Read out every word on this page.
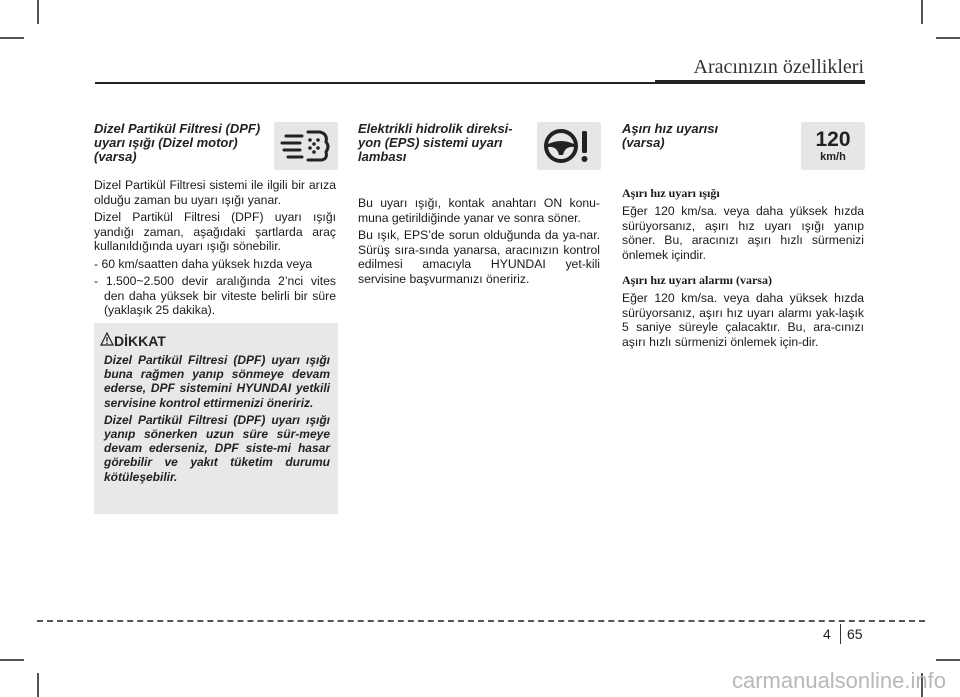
Aracınızın özellikleri
Dizel Partikül Filtresi (DPF) uyarı ışığı (Dizel motor) (varsa)

Dizel Partikül Filtresi sistemi ile ilgili bir arıza olduğu zaman bu uyarı ışığı yanar.

Dizel Partikül Filtresi (DPF) uyarı ışığı yandığı zaman, aşağıdaki şartlarda araç kullanıldığında uyarı ışığı sönebilir.

- 60 km/saatten daha yüksek hızda veya

- 1.500~2.500 devir aralığında 2’nci vites den daha yüksek bir viteste belirli bir süre (yaklaşık 25 dakika).

DİKKAT

Dizel Partikül Filtresi (DPF) uyarı ışığı buna rağmen yanıp sönmeye devam ederse, DPF sistemini HYUNDAI yetkili servisine kontrol ettirmenizi öneririz.

Dizel Partikül Filtresi (DPF) uyarı ışığı yanıp sönerken uzun süre sür-meye devam ederseniz, DPF siste-mi hasar görebilir ve yakıt tüketim durumu kötüleşebilir.

Elektrikli hidrolik direksi-yon (EPS) sistemi uyarı lambası

Bu uyarı ışığı, kontak anahtarı ON konu-muna getirildiğinde yanar ve sonra söner.

Bu ışık, EPS’de sorun olduğunda da ya-nar. Sürüş sıra-sında yanarsa, aracınızın kontrol edilmesi amacıyla HYUNDAI yet-kili servisine başvurmanızı öneririz.

Aşırı hız uyarısı (varsa)
Aşırı hız uyarı ışığı

Eğer 120 km/sa. veya daha yüksek hızda sürüyorsanız, aşırı hız uyarı ışığı yanıp söner. Bu, aracınızı aşırı hızlı sürmenizi önlemek içindir.

Aşırı hız uyarı alarmı (varsa)

Eğer 120 km/sa. veya daha yüksek hızda sürüyorsanız, aşırı hız uyarı alarmı yak-laşık 5 saniye süreyle çalacaktır. Bu, ara-cınızı aşırı hızlı sürmenizi önlemek için-dir.

120
km/h
4 65
carmanualsonline.info
